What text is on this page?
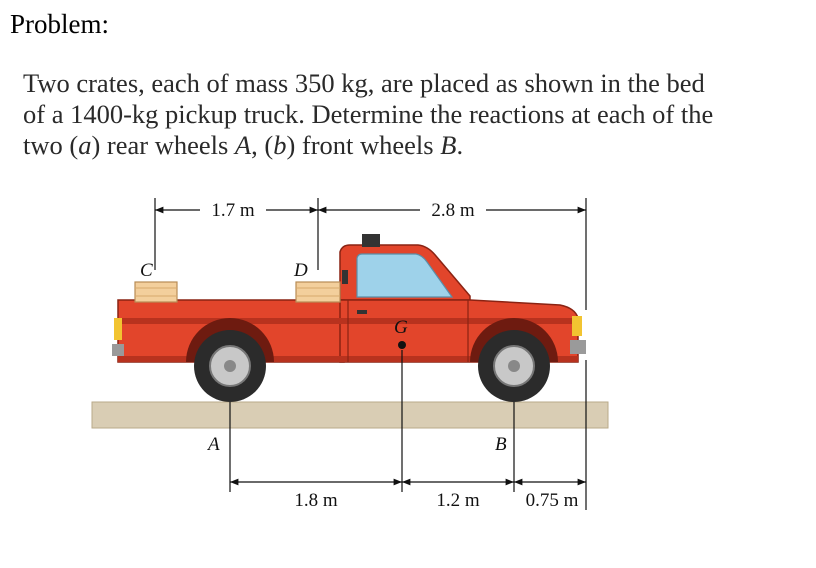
Problem:
Two crates, each of mass 350 kg, are placed as shown in the bed
of a 1400-kg pickup truck. Determine the reactions at each of the
two (a) rear wheels A, (b) front wheels B.
1.7 m	2.8 m
1.8 m	1.2 m 0.75 m
C	D
G
A	B
